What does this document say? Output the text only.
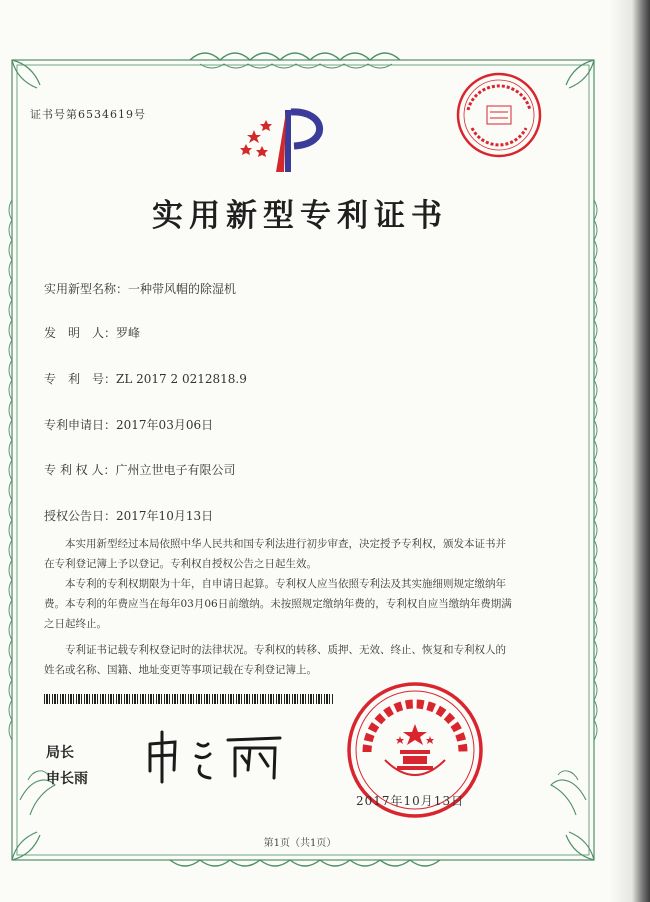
证书号第6534619号
实用新型专利证书
实用新型名称：一种带风帽的除湿机
发　明　人：罗峰
专　利　号：ZL 2017 2 0212818.9
专利申请日：2017年03月06日
专 利 权 人：广州立世电子有限公司
授权公告日：2017年10月13日

本实用新型经过本局依照中华人民共和国专利法进行初步审查，决定授予专利权，颁发本证书并在专利登记簿上予以登记。专利权自授权公告之日起生效。

本专利的专利权期限为十年，自申请日起算。专利权人应当依照专利法及其实施细则规定缴纳年费。本专利的年费应当在每年03月06日前缴纳。未按照规定缴纳年费的，专利权自应当缴纳年费期满之日起终止。

专利证书记载专利权登记时的法律状况。专利权的转移、质押、无效、终止、恢复和专利权人的姓名或名称、国籍、地址变更等事项记载在专利登记簿上。

局长
申长雨
2017年10月13日
第1页（共1页）
